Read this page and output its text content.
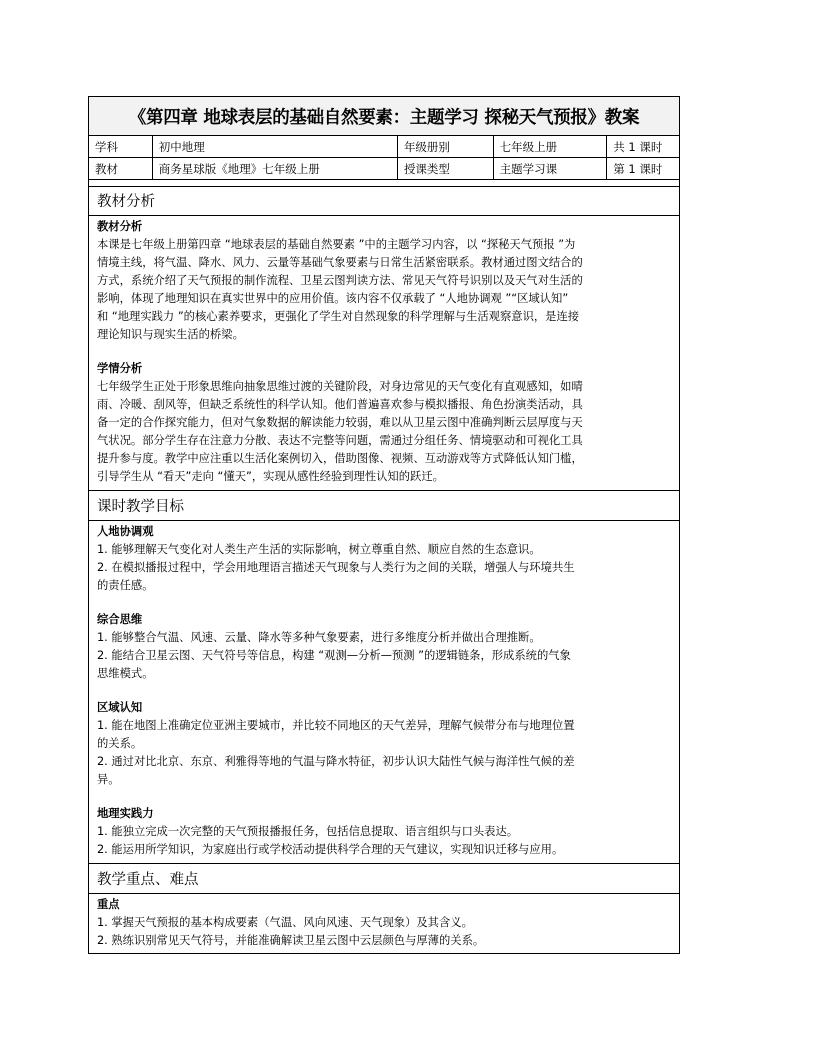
《第四章 地球表层的基础自然要素：主题学习 探秘天气预报》教案
学科	初中地理	年级册别	七年级上册	共 1 课时
教材	商务星球版《地理》七年级上册	授课类型	主题学习课	第 1 课时
教材分析

教材分析

本课是七年级上册第四章 “地球表层的基础自然要素 ”中的主题学习内容，以 “探秘天气预报 ”为

情境主线，将气温、降水、风力、云量等基础气象要素与日常生活紧密联系。教材通过图文结合的

方式，系统介绍了天气预报的制作流程、卫星云图判读方法、常见天气符号识别以及天气对生活的

影响，体现了地理知识在真实世界中的应用价值。该内容不仅承载了 “人地协调观 ”“区域认知”

和 “地理实践力 ”的核心素养要求，更强化了学生对自然现象的科学理解与生活观察意识，是连接

理论知识与现实生活的桥梁。

学情分析

七年级学生正处于形象思维向抽象思维过渡的关键阶段，对身边常见的天气变化有直观感知，如晴

雨、冷暖、刮风等，但缺乏系统性的科学认知。他们普遍喜欢参与模拟播报、角色扮演类活动，具

备一定的合作探究能力，但对气象数据的解读能力较弱，难以从卫星云图中准确判断云层厚度与天

气状况。部分学生存在注意力分散、表达不完整等问题，需通过分组任务、情境驱动和可视化工具

提升参与度。教学中应注重以生活化案例切入，借助图像、视频、互动游戏等方式降低认知门槛，

引导学生从 “看天”走向 “懂天”，实现从感性经验到理性认知的跃迁。

课时教学目标

人地协调观

1. 能够理解天气变化对人类生产生活的实际影响，树立尊重自然、顺应自然的生态意识。

2. 在模拟播报过程中，学会用地理语言描述天气现象与人类行为之间的关联，增强人与环境共生

的责任感。

综合思维

1. 能够整合气温、风速、云量、降水等多种气象要素，进行多维度分析并做出合理推断。

2. 能结合卫星云图、天气符号等信息，构建 “观测—分析—预测 ”的逻辑链条，形成系统的气象

思维模式。

区域认知

1. 能在地图上准确定位亚洲主要城市，并比较不同地区的天气差异，理解气候带分布与地理位置

的关系。

2. 通过对比北京、东京、利雅得等地的气温与降水特征，初步认识大陆性气候与海洋性气候的差

异。

地理实践力

1. 能独立完成一次完整的天气预报播报任务，包括信息提取、语言组织与口头表达。

2. 能运用所学知识，为家庭出行或学校活动提供科学合理的天气建议，实现知识迁移与应用。

教学重点、难点

重点

1. 掌握天气预报的基本构成要素（气温、风向风速、天气现象）及其含义。

2. 熟练识别常见天气符号，并能准确解读卫星云图中云层颜色与厚薄的关系。
